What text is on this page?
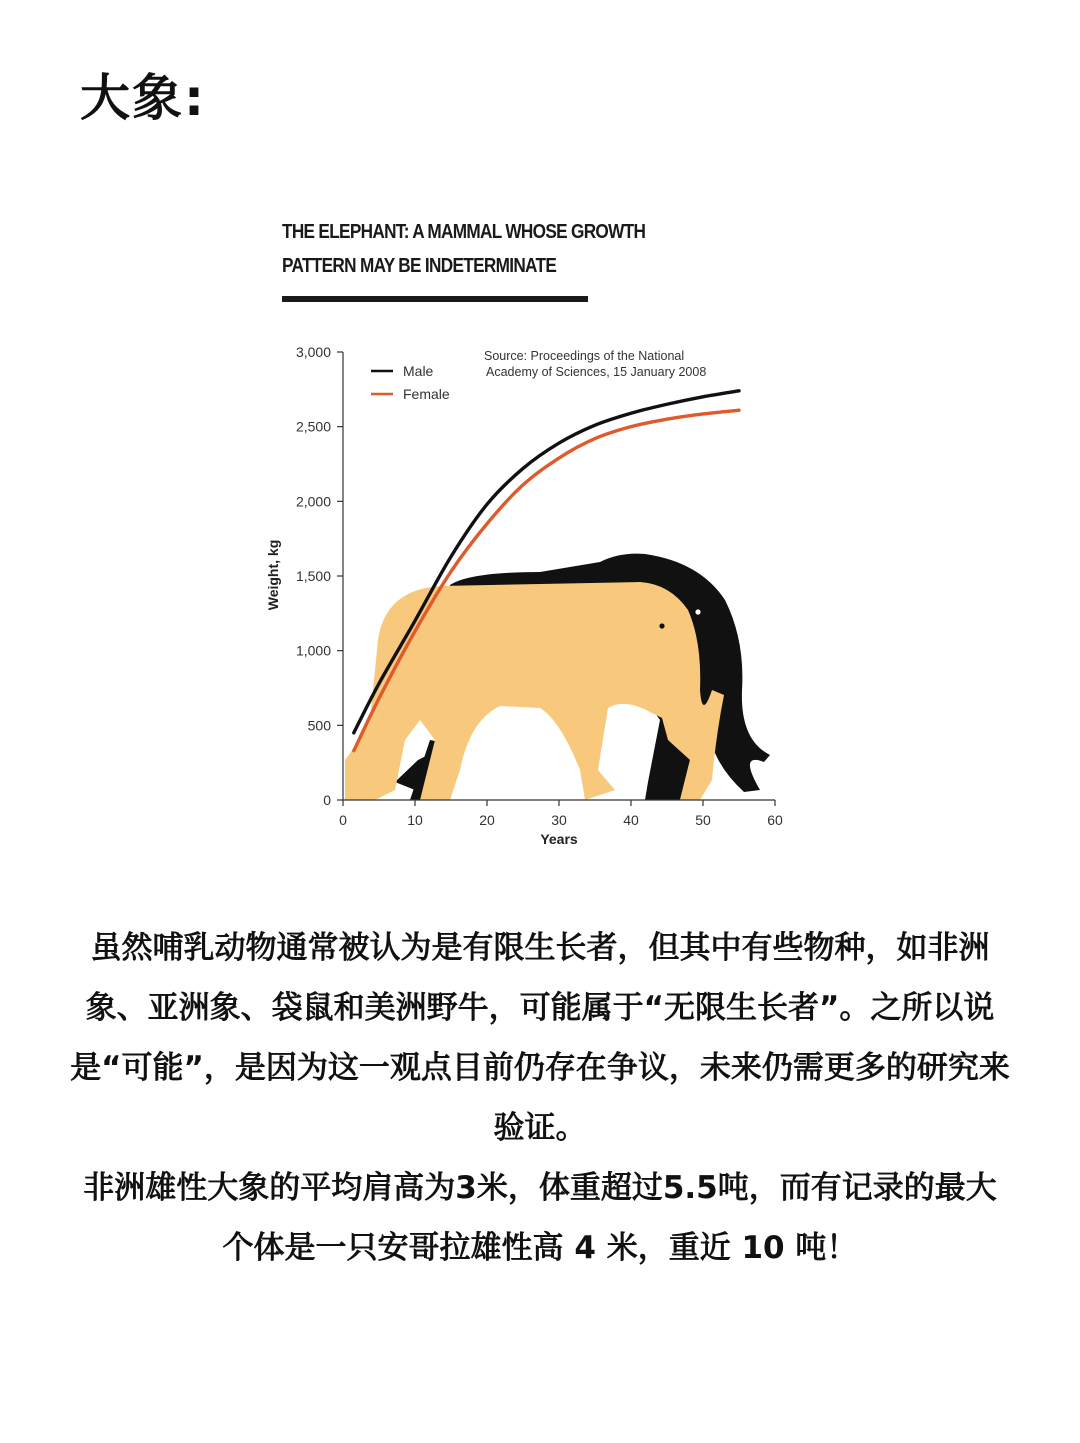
大象:
THE ELEPHANT: A MAMMAL WHOSE GROWTH
PATTERN MAY BE INDETERMINATE
0
500
1,000
1,500
2,000
2,500
3,000
0	10	20	30	40	50	60
Years
Weight, kg
Male
Female
Source: Proceedings of the National
Academy of Sciences, 15 January 2008

虽然哺乳动物通常被认为是有限生长者，但其中有些物种，如非洲象、亚洲象、袋鼠和美洲野牛，可能属于“无限生长者”。之所以说是“可能”，是因为这一观点目前仍存在争议，未来仍需更多的研究来验证。

非洲雄性大象的平均肩高为3米，体重超过5.5吨，而有记录的最大个体是一只安哥拉雄性高 4 米，重近 10 吨！
